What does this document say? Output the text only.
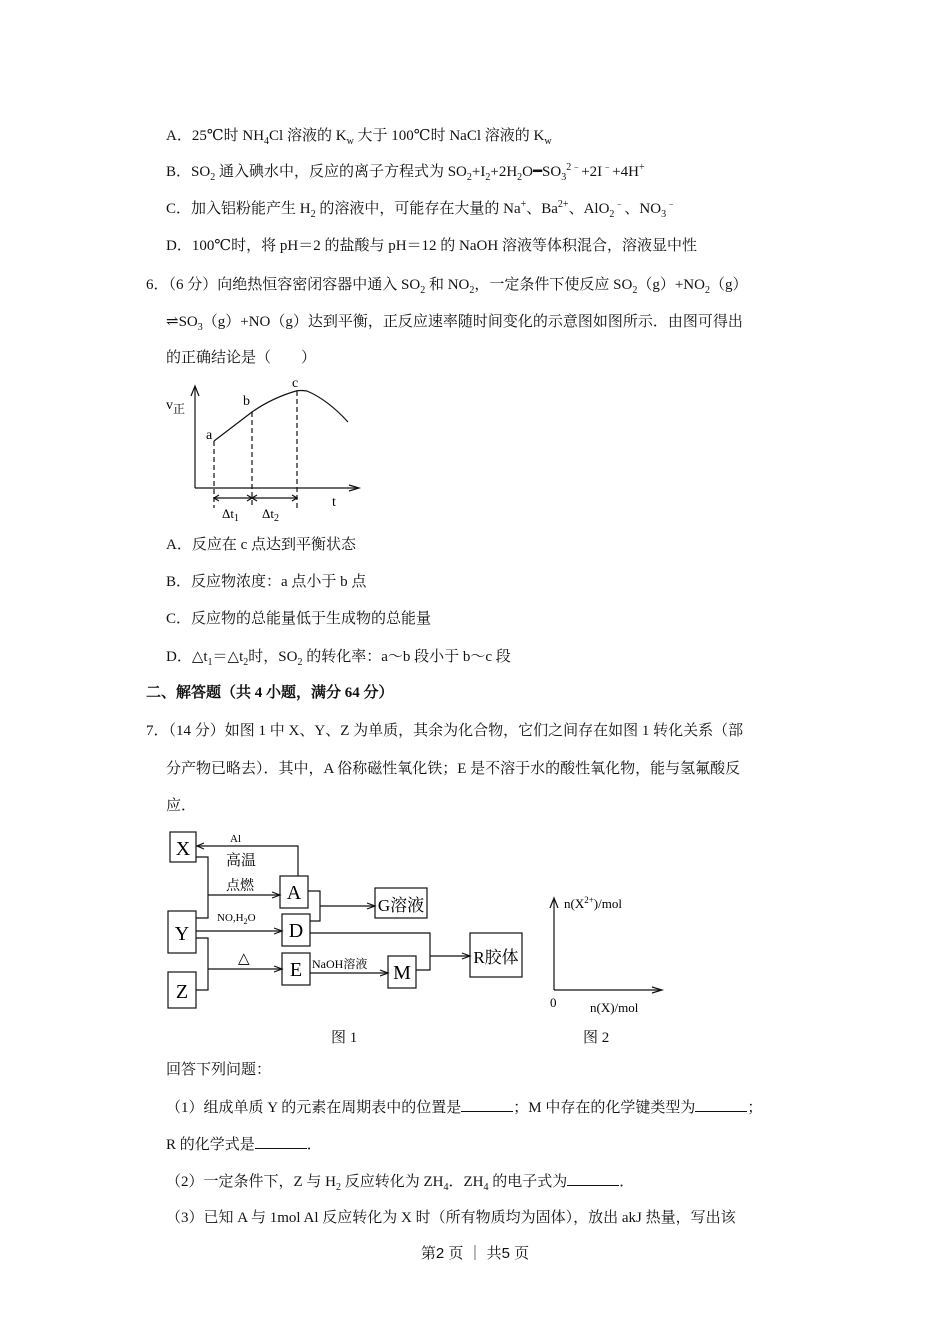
A．25℃时 $NH_4Cl$ 溶液的 $K_w$ 大于 100℃时 NaCl 溶液的 $K_w$
B．$SO_2$ 通入碘水中，反应的离子方程式为 $SO_2+I_2+2H_2O━SO_3^{2﹣}+2I^﹣+4H^+$
C．加入铝粉能产生 $H_2$ 的溶液中，可能存在大量的 Na+、$Ba^{2+}$、AlO$_2$﹣、$NO_3^﹣$
D．100℃时，将 pH＝2 的盐酸与 pH＝12 的 NaOH 溶液等体积混合，溶液显中性
6．（6 分）向绝热恒容密闭容器中通入 $SO_2$ 和 $NO_2$，一定条件下使反应 $SO_2(g)+NO_2(g)$
$\rightleftharpoons SO_3(g)+NO(g)$达到平衡，正反应速率随时间变化的示意图如图所示．由图可得出
的正确结论是（　　）
v正
a
b
c
t
$\Delta t_1$ $\Delta t_2$
A．反应在 c 点达到平衡状态
B．反应物浓度：a 点小于 b 点
C．反应物的总能量低于生成物的总能量
D．$\triangle t_1=\triangle t_2$时，$SO_2$ 的转化率：a～b 段小于 b～c 段
二、解答题（共 4 小题，满分 64 分）
7．（14 分）如图 1 中 X、Y、Z 为单质，其余为化合物，它们之间存在如图 1 转化关系（部
分产物已略去）．其中，A 俗称磁性氧化铁；E 是不溶于水的酸性氧化物，能与氢氟酸反
应．
X
Y
Z
A
D
E	M
G溶液
R胶体
Al
高温
点燃
$NO,H_2O$
△	NaOH溶液
图 1
$n(X^{2+})$/mol
0	n(X)/mol
图 2
回答下列问题：
（1）组成单质 Y 的元素在周期表中的位置是	；M 中存在的化学键类型为	；
R 的化学式是	．
（2）一定条件下，Z 与 $H_2$ 反应转化为 $ZH_4$．$ZH_4$ 的电子式为	．
（3）已知 A 与 1mol Al 反应转化为 X 时（所有物质均为固体），放出 akJ 热量，写出该
第2 页 ｜ 共5 页
